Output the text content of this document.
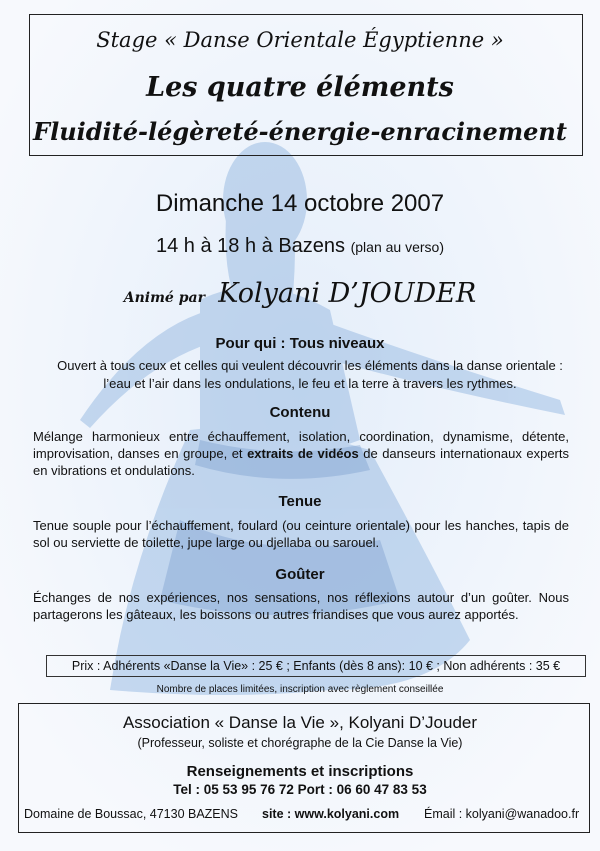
Stage « Danse Orientale Égyptienne »
Les quatre éléments
Fluidité-légèreté-énergie-enracinement
Dimanche 14 octobre 2007
14 h à 18 h à Bazens (plan au verso)
Animé par Kolyani D’JOUDER
Pour qui : Tous niveaux
Ouvert à tous ceux et celles qui veulent découvrir les éléments dans la danse orientale :
l’eau et l’air dans les ondulations, le feu et la terre à travers les rythmes.
Contenu
Mélange harmonieux entre échauffement, isolation, coordination, dynamisme, détente, improvisation, danses en groupe, et extraits de vidéos de danseurs internationaux experts en vibrations et ondulations.
Tenue
Tenue souple pour l’échauffement, foulard (ou ceinture orientale) pour les hanches, tapis de sol ou serviette de toilette, jupe large ou djellaba ou sarouel.
Goûter
Échanges de nos expériences, nos sensations, nos réflexions autour d’un goûter. Nous partagerons les gâteaux, les boissons ou autres friandises que vous aurez apportés.
Prix : Adhérents «Danse la Vie» : 25 € ; Enfants (dès 8 ans): 10 € ; Non adhérents : 35 €
Nombre de places limitées, inscription avec règlement conseillée
Association « Danse la Vie », Kolyani D’Jouder
(Professeur, soliste et chorégraphe de la Cie Danse la Vie)
Renseignements et inscriptions
Tel : 05 53 95 76 72 Port : 06 60 47 83 53
Domaine de Boussac, 47130 BAZENS site : www.kolyani.com Émail : kolyani@wanadoo.fr
